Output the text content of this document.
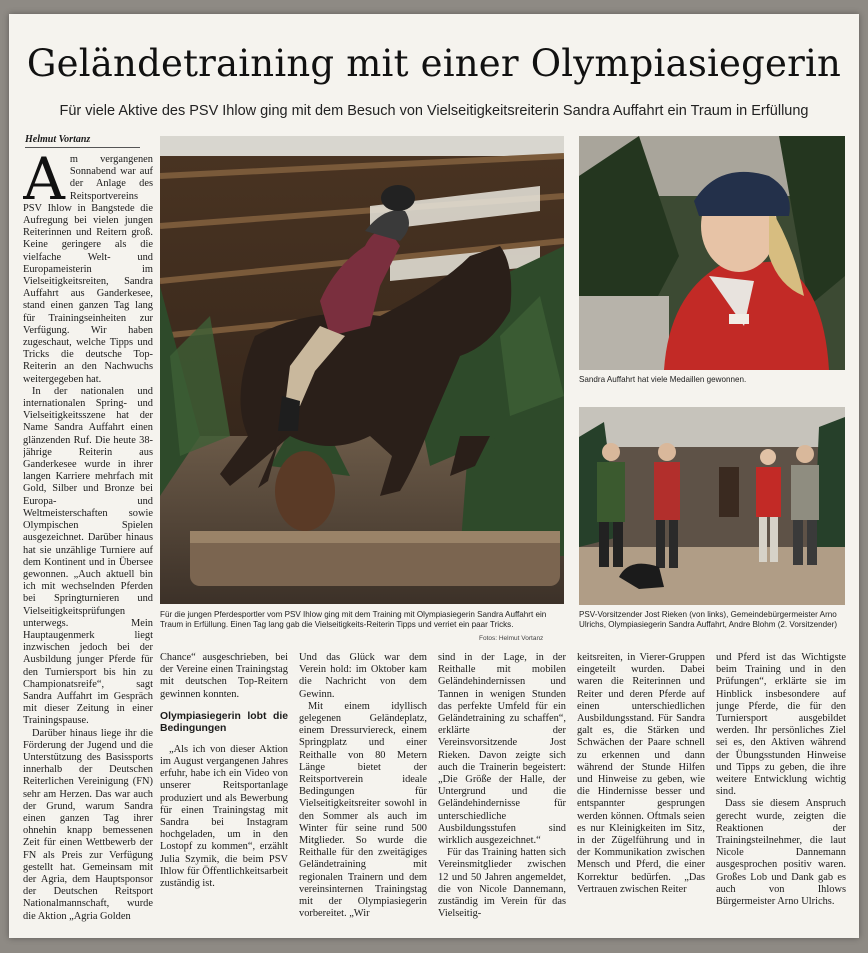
Geländetraining mit einer Olympiasiegerin
Für viele Aktive des PSV Ihlow ging mit dem Besuch von Vielseitigkeitsreiterin Sandra Auffahrt ein Traum in Erfüllung
Helmut Vortanz

Am vergangenen Sonnabend war auf der Anlage des Reitsportvereins PSV Ihlow in Bangstede die Aufregung bei vielen jungen Reiterinnen und Reitern groß. Keine geringere als die vielfache Welt- und Europameisterin im Vielseitigkeitsreiten, Sandra Auffahrt aus Ganderkesee, stand einen ganzen Tag lang für Trainingseinheiten zur Verfügung. Wir haben zugeschaut, welche Tipps und Tricks die deutsche Top-Reiterin an den Nachwuchs weitergegeben hat.

In der nationalen und internationalen Spring- und Vielseitigkeitsszene hat der Name Sandra Auffahrt einen glänzenden Ruf. Die heute 38-jährige Reiterin aus Ganderkesee wurde in ihrer langen Karriere mehrfach mit Gold, Silber und Bronze bei Europa- und Weltmeisterschaften sowie Olympischen Spielen ausgezeichnet. Darüber hinaus hat sie unzählige Turniere auf dem Kontinent und in Übersee gewonnen. „Auch aktuell bin ich mit wechselnden Pferden bei Springturnieren und Vielseitigkeitsprüfungen unterwegs. Mein Hauptaugenmerk liegt inzwischen jedoch bei der Ausbildung junger Pferde für den Turniersport bis hin zu Championatsreife“, sagt Sandra Auffahrt im Gespräch mit dieser Zeitung in einer Trainingspause.

Darüber hinaus liege ihr die Förderung der Jugend und die Unterstützung des Basissports innerhalb der Deutschen Reiterlichen Vereinigung (FN) sehr am Herzen. Das war auch der Grund, warum Sandra einen ganzen Tag ihrer ohnehin knapp bemessenen Zeit für einen Wettbewerb der FN als Preis zur Verfügung gestellt hat. Gemeinsam mit der Agria, dem Hauptsponsor der Deutschen Reitsport Nationalmannschaft, wurde die Aktion „Agria Golden

Sandra Auffahrt hat viele Medaillen gewonnen.
PSV-Vorsitzender Jost Rieken (von links), Gemeindebürgermeister Arno Ulrichs, Olympiasiegerin Sandra Auffahrt, Andre Blohm (2. Vorsitzender)
Für die jungen Pferdesportler vom PSV Ihlow ging mit dem Training mit Olympiasiegerin Sandra Auffahrt ein Traum in Erfüllung. Einen Tag lang gab die Vielseitigkeits-Reiterin Tipps und verriet ein paar Tricks.
Fotos: Helmut Vortanz

Chance“ ausgeschrieben, bei der Vereine einen Trainingstag mit deutschen Top-Reitern gewinnen konnten.

Olympiasiegerin lobt die Bedingungen

„Als ich von dieser Aktion im August vergangenen Jahres erfuhr, habe ich ein Video von unserer Reitsportanlage produziert und als Bewerbung für einen Trainingstag mit Sandra bei Instagram hochgeladen, um in den Lostopf zu kommen“, erzählt Julia Szymik, die beim PSV Ihlow für Öffentlichkeitsarbeit zuständig ist.

Und das Glück war dem Verein hold: im Oktober kam die Nachricht von dem Gewinn.

Mit einem idyllisch gelegenen Geländeplatz, einem Dressurviereck, einem Springplatz und einer Reithalle von 80 Metern Länge bietet der Reitsportverein ideale Bedingungen für Vielseitigkeitsreiter sowohl in den Sommer als auch im Winter für seine rund 500 Mitglieder. So wurde die Reithalle für den zweitägiges Geländetraining mit regionalen Trainern und dem vereinsinternen Trainingstag mit der Olympiasiegerin vorbereitet. „Wir

sind in der Lage, in der Reithalle mit mobilen Geländehindernissen und Tannen in wenigen Stunden das perfekte Umfeld für ein Geländetraining zu schaffen“, erklärte der Vereinsvorsitzende Jost Rieken. Davon zeigte sich auch die Trainerin begeistert: „Die Größe der Halle, der Untergrund und die Geländehindernisse für unterschiedliche Ausbildungsstufen sind wirklich ausgezeichnet.“

Für das Training hatten sich Vereinsmitglieder zwischen 12 und 50 Jahren angemeldet, die von Nicole Dannemann, zuständig im Verein für das Vielseitig-

keitsreiten, in Vierer-Gruppen eingeteilt wurden. Dabei waren die Reiterinnen und Reiter und deren Pferde auf einen unterschiedlichen Ausbildungsstand. Für Sandra galt es, die Stärken und Schwächen der Paare schnell zu erkennen und dann während der Stunde Hilfen und Hinweise zu geben, wie die Hindernisse besser und entspannter gesprungen werden können. Oftmals seien es nur Kleinigkeiten im Sitz, in der Zügelführung und in der Kommunikation zwischen Mensch und Pferd, die einer Korrektur bedürfen. „Das Vertrauen zwischen Reiter

und Pferd ist das Wichtigste beim Training und in den Prüfungen“, erklärte sie im Hinblick insbesondere auf junge Pferde, die für den Turniersport ausgebildet werden. Ihr persönliches Ziel sei es, den Aktiven während der Übungsstunden Hinweise und Tipps zu geben, die ihre weitere Entwicklung wichtig sind.

Dass sie diesem Anspruch gerecht wurde, zeigten die Reaktionen der Trainingsteilnehmer, die laut Nicole Dannemann ausgesprochen positiv waren. Großes Lob und Dank gab es auch von Ihlows Bürgermeister Arno Ulrichs.
